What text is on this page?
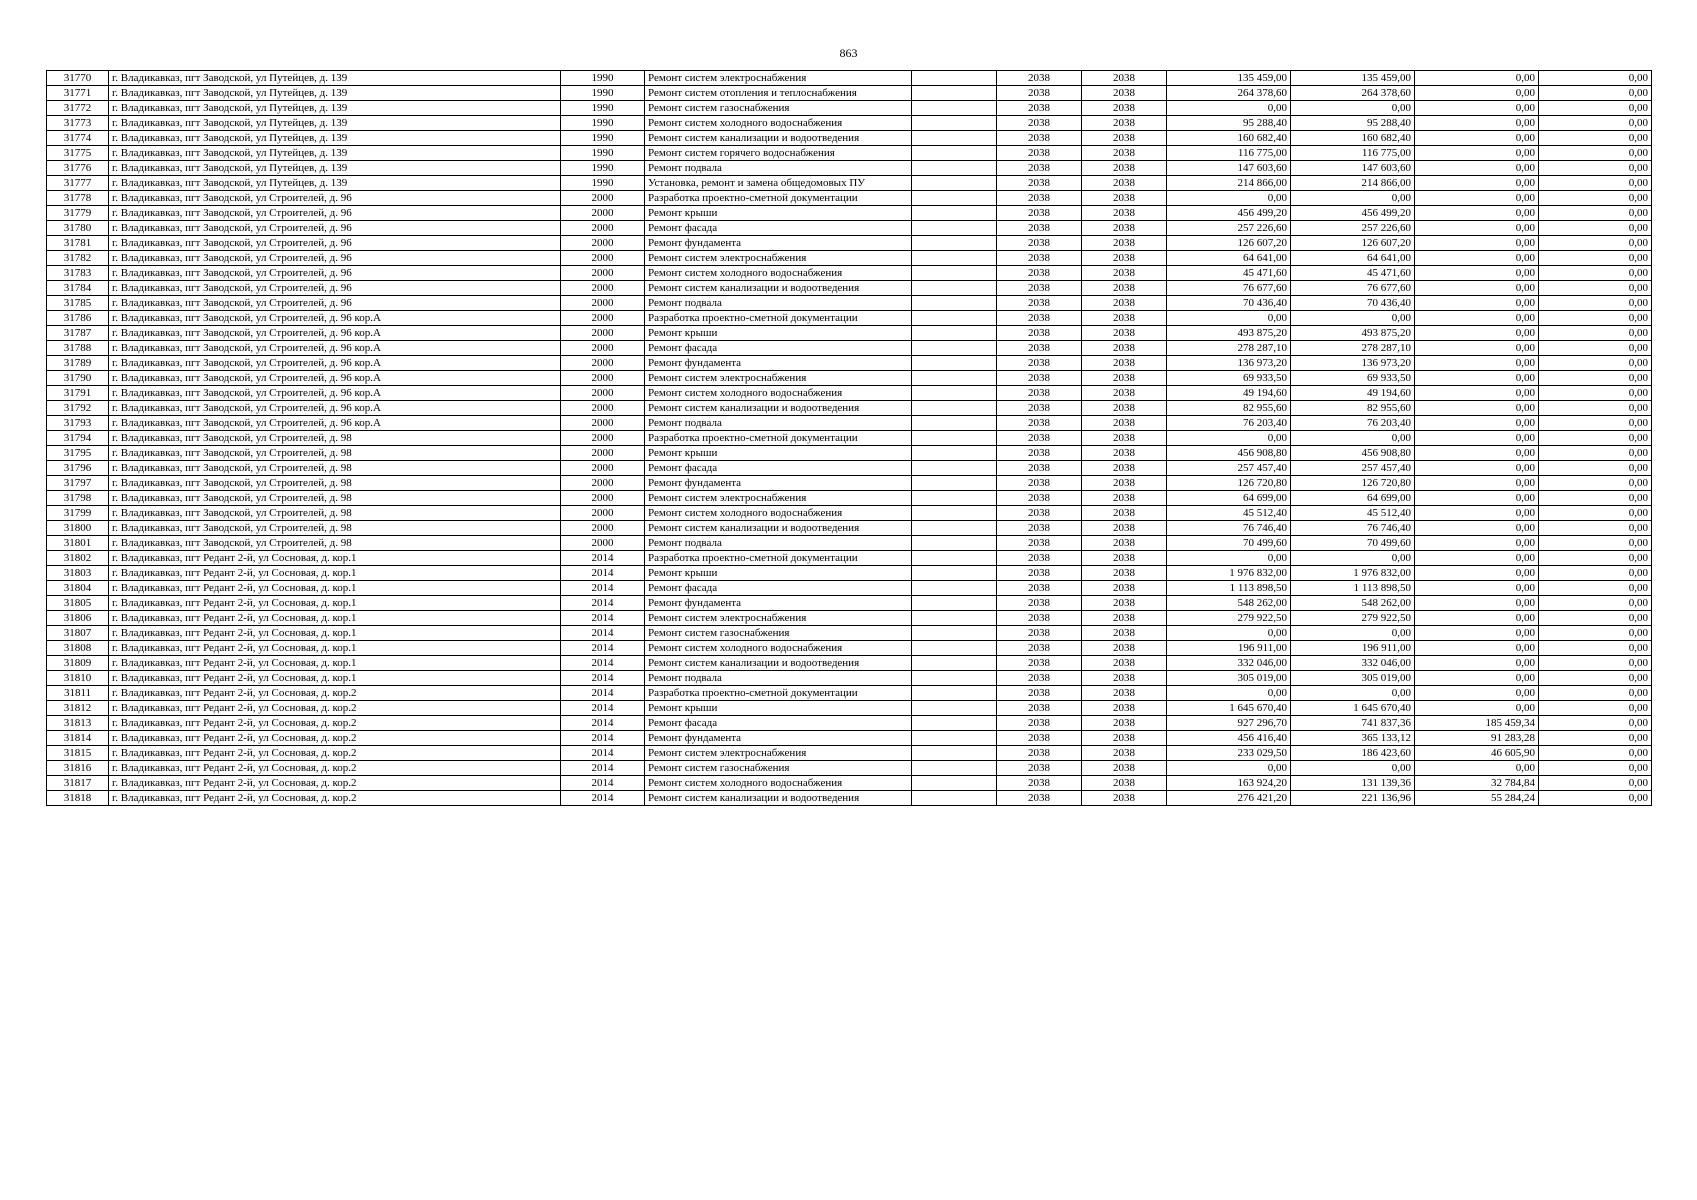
863
31770	г. Владикавказ, пгт Заводской, ул Путейцев, д. 139	1990	Ремонт систем электроснабжения		2038	2038	135 459,00	135 459,00	0,00	0,00
31771	г. Владикавказ, пгт Заводской, ул Путейцев, д. 139	1990	Ремонт систем отопления и теплоснабжения		2038	2038	264 378,60	264 378,60	0,00	0,00
31772	г. Владикавказ, пгт Заводской, ул Путейцев, д. 139	1990	Ремонт систем газоснабжения		2038	2038	0,00	0,00	0,00	0,00
31773	г. Владикавказ, пгт Заводской, ул Путейцев, д. 139	1990	Ремонт систем холодного водоснабжения		2038	2038	95 288,40	95 288,40	0,00	0,00
31774	г. Владикавказ, пгт Заводской, ул Путейцев, д. 139	1990	Ремонт систем канализации и водоотведения		2038	2038	160 682,40	160 682,40	0,00	0,00
31775	г. Владикавказ, пгт Заводской, ул Путейцев, д. 139	1990	Ремонт систем горячего водоснабжения		2038	2038	116 775,00	116 775,00	0,00	0,00
31776	г. Владикавказ, пгт Заводской, ул Путейцев, д. 139	1990	Ремонт подвала		2038	2038	147 603,60	147 603,60	0,00	0,00
31777	г. Владикавказ, пгт Заводской, ул Путейцев, д. 139	1990	Установка, ремонт и замена общедомовых ПУ		2038	2038	214 866,00	214 866,00	0,00	0,00
31778	г. Владикавказ, пгт Заводской, ул Строителей, д. 96	2000	Разработка проектно-сметной документации		2038	2038	0,00	0,00	0,00	0,00
31779	г. Владикавказ, пгт Заводской, ул Строителей, д. 96	2000	Ремонт крыши		2038	2038	456 499,20	456 499,20	0,00	0,00
31780	г. Владикавказ, пгт Заводской, ул Строителей, д. 96	2000	Ремонт фасада		2038	2038	257 226,60	257 226,60	0,00	0,00
31781	г. Владикавказ, пгт Заводской, ул Строителей, д. 96	2000	Ремонт фундамента		2038	2038	126 607,20	126 607,20	0,00	0,00
31782	г. Владикавказ, пгт Заводской, ул Строителей, д. 96	2000	Ремонт систем электроснабжения		2038	2038	64 641,00	64 641,00	0,00	0,00
31783	г. Владикавказ, пгт Заводской, ул Строителей, д. 96	2000	Ремонт систем холодного водоснабжения		2038	2038	45 471,60	45 471,60	0,00	0,00
31784	г. Владикавказ, пгт Заводской, ул Строителей, д. 96	2000	Ремонт систем канализации и водоотведения		2038	2038	76 677,60	76 677,60	0,00	0,00
31785	г. Владикавказ, пгт Заводской, ул Строителей, д. 96	2000	Ремонт подвала		2038	2038	70 436,40	70 436,40	0,00	0,00
31786	г. Владикавказ, пгт Заводской, ул Строителей, д. 96 кор.А	2000	Разработка проектно-сметной документации		2038	2038	0,00	0,00	0,00	0,00
31787	г. Владикавказ, пгт Заводской, ул Строителей, д. 96 кор.А	2000	Ремонт крыши		2038	2038	493 875,20	493 875,20	0,00	0,00
31788	г. Владикавказ, пгт Заводской, ул Строителей, д. 96 кор.А	2000	Ремонт фасада		2038	2038	278 287,10	278 287,10	0,00	0,00
31789	г. Владикавказ, пгт Заводской, ул Строителей, д. 96 кор.А	2000	Ремонт фундамента		2038	2038	136 973,20	136 973,20	0,00	0,00
31790	г. Владикавказ, пгт Заводской, ул Строителей, д. 96 кор.А	2000	Ремонт систем электроснабжения		2038	2038	69 933,50	69 933,50	0,00	0,00
31791	г. Владикавказ, пгт Заводской, ул Строителей, д. 96 кор.А	2000	Ремонт систем холодного водоснабжения		2038	2038	49 194,60	49 194,60	0,00	0,00
31792	г. Владикавказ, пгт Заводской, ул Строителей, д. 96 кор.А	2000	Ремонт систем канализации и водоотведения		2038	2038	82 955,60	82 955,60	0,00	0,00
31793	г. Владикавказ, пгт Заводской, ул Строителей, д. 96 кор.А	2000	Ремонт подвала		2038	2038	76 203,40	76 203,40	0,00	0,00
31794	г. Владикавказ, пгт Заводской, ул Строителей, д. 98	2000	Разработка проектно-сметной документации		2038	2038	0,00	0,00	0,00	0,00
31795	г. Владикавказ, пгт Заводской, ул Строителей, д. 98	2000	Ремонт крыши		2038	2038	456 908,80	456 908,80	0,00	0,00
31796	г. Владикавказ, пгт Заводской, ул Строителей, д. 98	2000	Ремонт фасада		2038	2038	257 457,40	257 457,40	0,00	0,00
31797	г. Владикавказ, пгт Заводской, ул Строителей, д. 98	2000	Ремонт фундамента		2038	2038	126 720,80	126 720,80	0,00	0,00
31798	г. Владикавказ, пгт Заводской, ул Строителей, д. 98	2000	Ремонт систем электроснабжения		2038	2038	64 699,00	64 699,00	0,00	0,00
31799	г. Владикавказ, пгт Заводской, ул Строителей, д. 98	2000	Ремонт систем холодного водоснабжения		2038	2038	45 512,40	45 512,40	0,00	0,00
31800	г. Владикавказ, пгт Заводской, ул Строителей, д. 98	2000	Ремонт систем канализации и водоотведения		2038	2038	76 746,40	76 746,40	0,00	0,00
31801	г. Владикавказ, пгт Заводской, ул Строителей, д. 98	2000	Ремонт подвала		2038	2038	70 499,60	70 499,60	0,00	0,00
31802	г. Владикавказ, пгт Редант 2-й, ул Сосновая, д. кор.1	2014	Разработка проектно-сметной документации		2038	2038	0,00	0,00	0,00	0,00
31803	г. Владикавказ, пгт Редант 2-й, ул Сосновая, д. кор.1	2014	Ремонт крыши		2038	2038	1 976 832,00	1 976 832,00	0,00	0,00
31804	г. Владикавказ, пгт Редант 2-й, ул Сосновая, д. кор.1	2014	Ремонт фасада		2038	2038	1 113 898,50	1 113 898,50	0,00	0,00
31805	г. Владикавказ, пгт Редант 2-й, ул Сосновая, д. кор.1	2014	Ремонт фундамента		2038	2038	548 262,00	548 262,00	0,00	0,00
31806	г. Владикавказ, пгт Редант 2-й, ул Сосновая, д. кор.1	2014	Ремонт систем электроснабжения		2038	2038	279 922,50	279 922,50	0,00	0,00
31807	г. Владикавказ, пгт Редант 2-й, ул Сосновая, д. кор.1	2014	Ремонт систем газоснабжения		2038	2038	0,00	0,00	0,00	0,00
31808	г. Владикавказ, пгт Редант 2-й, ул Сосновая, д. кор.1	2014	Ремонт систем холодного водоснабжения		2038	2038	196 911,00	196 911,00	0,00	0,00
31809	г. Владикавказ, пгт Редант 2-й, ул Сосновая, д. кор.1	2014	Ремонт систем канализации и водоотведения		2038	2038	332 046,00	332 046,00	0,00	0,00
31810	г. Владикавказ, пгт Редант 2-й, ул Сосновая, д. кор.1	2014	Ремонт подвала		2038	2038	305 019,00	305 019,00	0,00	0,00
31811	г. Владикавказ, пгт Редант 2-й, ул Сосновая, д. кор.2	2014	Разработка проектно-сметной документации		2038	2038	0,00	0,00	0,00	0,00
31812	г. Владикавказ, пгт Редант 2-й, ул Сосновая, д. кор.2	2014	Ремонт крыши		2038	2038	1 645 670,40	1 645 670,40	0,00	0,00
31813	г. Владикавказ, пгт Редант 2-й, ул Сосновая, д. кор.2	2014	Ремонт фасада		2038	2038	927 296,70	741 837,36	185 459,34	0,00
31814	г. Владикавказ, пгт Редант 2-й, ул Сосновая, д. кор.2	2014	Ремонт фундамента		2038	2038	456 416,40	365 133,12	91 283,28	0,00
31815	г. Владикавказ, пгт Редант 2-й, ул Сосновая, д. кор.2	2014	Ремонт систем электроснабжения		2038	2038	233 029,50	186 423,60	46 605,90	0,00
31816	г. Владикавказ, пгт Редант 2-й, ул Сосновая, д. кор.2	2014	Ремонт систем газоснабжения		2038	2038	0,00	0,00	0,00	0,00
31817	г. Владикавказ, пгт Редант 2-й, ул Сосновая, д. кор.2	2014	Ремонт систем холодного водоснабжения		2038	2038	163 924,20	131 139,36	32 784,84	0,00
31818	г. Владикавказ, пгт Редант 2-й, ул Сосновая, д. кор.2	2014	Ремонт систем канализации и водоотведения		2038	2038	276 421,20	221 136,96	55 284,24	0,00
